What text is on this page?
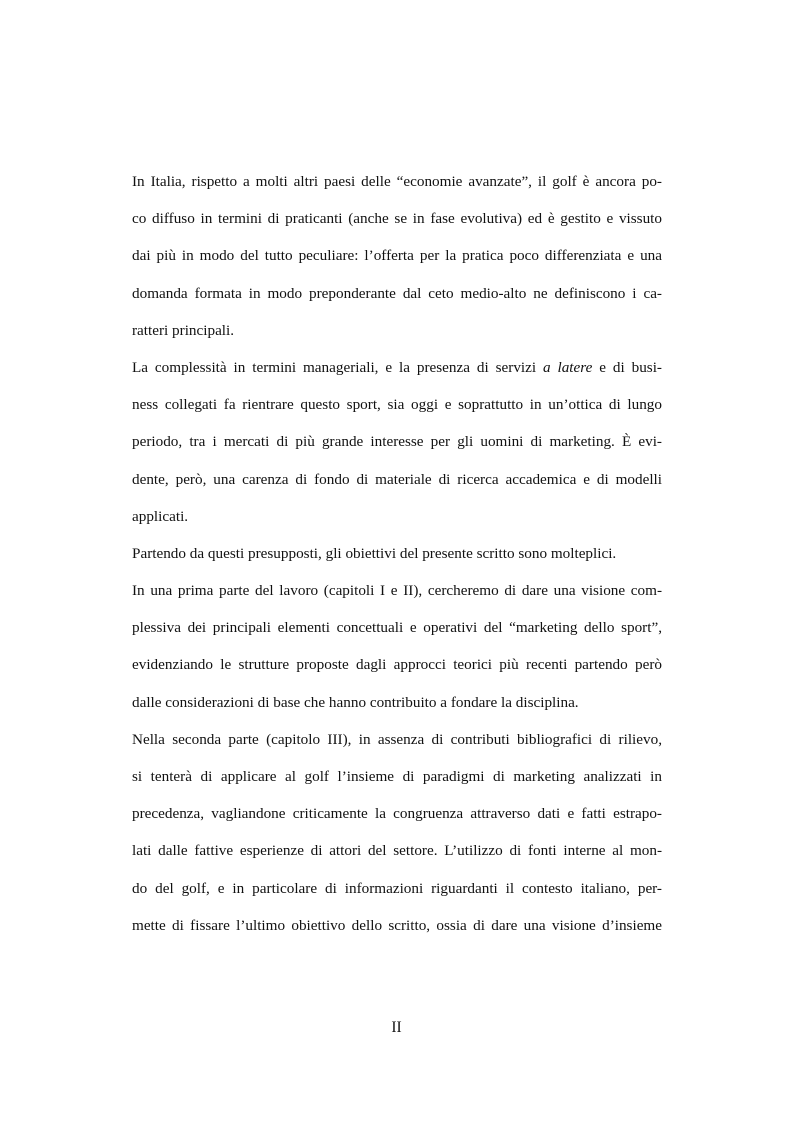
In Italia, rispetto a molti altri paesi delle “economie avanzate”, il golf è ancora po-
co diffuso in termini di praticanti (anche se in fase evolutiva) ed è gestito e vissuto
dai più in modo del tutto peculiare: l’offerta per la pratica poco differenziata e una
domanda formata in modo preponderante dal ceto medio-alto ne definiscono i ca-
ratteri principali.
La complessità in termini manageriali, e la presenza di servizi a latere e di busi-
ness collegati fa rientrare questo sport, sia oggi e soprattutto in un’ottica di lungo
periodo, tra i mercati di più grande interesse per gli uomini di marketing. È evi-
dente, però, una carenza di fondo di materiale di ricerca accademica e di modelli
applicati.
Partendo da questi presupposti, gli obiettivi del presente scritto sono molteplici.
In una prima parte del lavoro (capitoli I e II), cercheremo di dare una visione com-
plessiva dei principali elementi concettuali e operativi del “marketing dello sport”,
evidenziando le strutture proposte dagli approcci teorici più recenti partendo però
dalle considerazioni di base che hanno contribuito a fondare la disciplina.
Nella seconda parte (capitolo III), in assenza di contributi bibliografici di rilievo,
si tenterà di applicare al golf l’insieme di paradigmi di marketing analizzati in
precedenza, vagliandone criticamente la congruenza attraverso dati e fatti estrapo-
lati dalle fattive esperienze di attori del settore. L’utilizzo di fonti interne al mon-
do del golf, e in particolare di informazioni riguardanti il contesto italiano, per-
mette di fissare l’ultimo obiettivo dello scritto, ossia di dare una visione d’insieme
II
